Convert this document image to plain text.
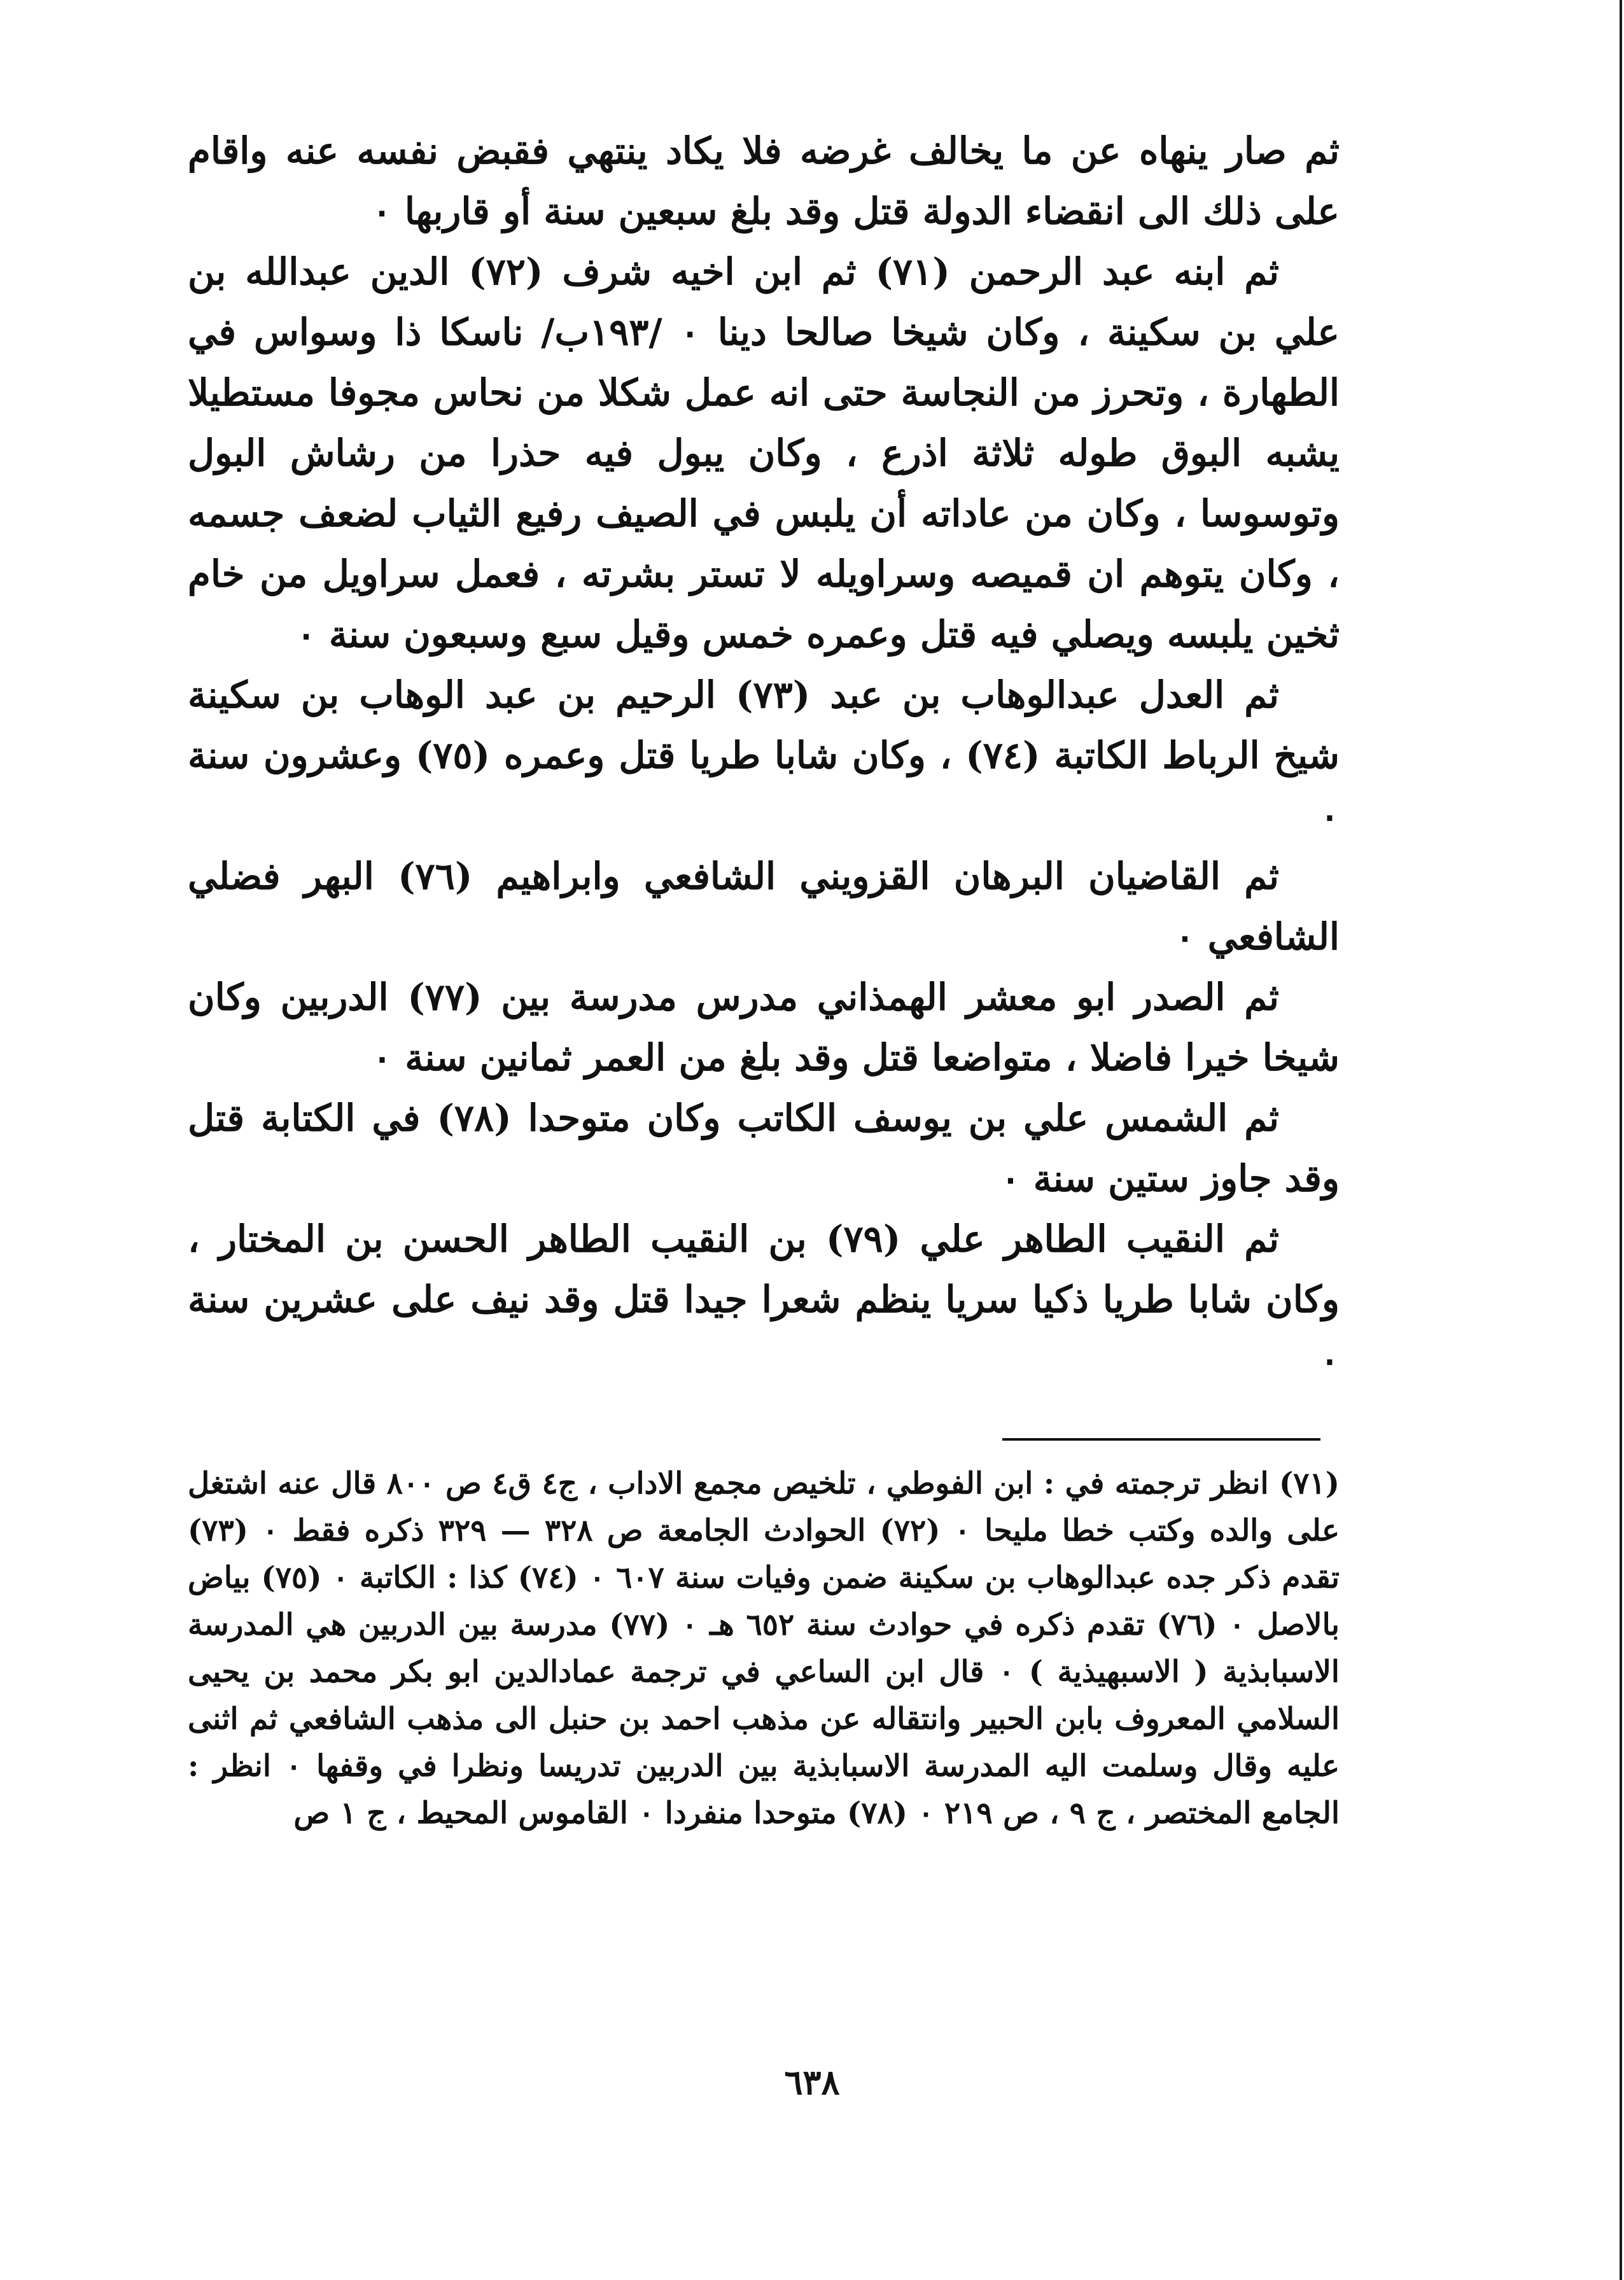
ثم صار ينهاه عن ما يخالف غرضه فلا يكاد ينتهي فقبض نفسه عنه واقام على ذلك الى انقضاء الدولة قتل وقد بلغ سبعين سنة أو قاربها ٠

ثم ابنه عبد الرحمن (٧١) ثم ابن اخيه شرف (٧٢) الدين عبدالله بن علي بن سكينة ، وكان شيخا صالحا دينا ٠ /١٩٣ب/ ناسكا ذا وسواس في الطهارة ، وتحرز من النجاسة حتى انه عمل شكلا من نحاس مجوفا مستطيلا يشبه البوق طوله ثلاثة اذرع ، وكان يبول فيه حذرا من رشاش البول وتوسوسا ، وكان من عاداته أن يلبس في الصيف رفيع الثياب لضعف جسمه ، وكان يتوهم ان قميصه وسراويله لا تستر بشرته ، فعمل سراويل من خام ثخين يلبسه ويصلي فيه قتل وعمره خمس وقيل سبع وسبعون سنة ٠

ثم العدل عبدالوهاب بن عبد (٧٣) الرحيم بن عبد الوهاب بن سكينة شيخ الرباط الكاتبة (٧٤) ، وكان شابا طريا قتل وعمره (٧٥) وعشرون سنة ٠

ثم القاضيان البرهان القزويني الشافعي وابراهيم (٧٦) البهر فضلي الشافعي ٠

ثم الصدر ابو معشر الهمذاني مدرس مدرسة بين (٧٧) الدربين وكان شيخا خيرا فاضلا ، متواضعا قتل وقد بلغ من العمر ثمانين سنة ٠

ثم الشمس علي بن يوسف الكاتب وكان متوحدا (٧٨) في الكتابة قتل وقد جاوز ستين سنة ٠

ثم النقيب الطاهر علي (٧٩) بن النقيب الطاهر الحسن بن المختار ، وكان شابا طريا ذكيا سريا ينظم شعرا جيدا قتل وقد نيف على عشرين سنة ٠

(٧١) انظر ترجمته في : ابن الفوطي ، تلخيص مجمع الاداب ، ج٤ ق٤ ص ٨٠٠ قال عنه اشتغل على والده وكتب خطا مليحا ٠ (٧٢) الحوادث الجامعة ص ٣٢٨ — ٣٢٩ ذكره فقط ٠ (٧٣) تقدم ذكر جده عبدالوهاب بن سكينة ضمن وفيات سنة ٦٠٧ ٠ (٧٤) كذا : الكاتبة ٠ (٧٥) بياض بالاصل ٠ (٧٦) تقدم ذكره في حوادث سنة ٦٥٢ هـ ٠ (٧٧) مدرسة بين الدربين هي المدرسة الاسبابذية ( الاسبهيذية ) ٠ قال ابن الساعي في ترجمة عمادالدين ابو بكر محمد بن يحيى السلامي المعروف بابن الحبير وانتقاله عن مذهب احمد بن حنبل الى مذهب الشافعي ثم اثنى عليه وقال وسلمت اليه المدرسة الاسبابذية بين الدربين تدريسا ونظرا في وقفها ٠ انظر : الجامع المختصر ، ج ٩ ، ص ٢١٩ ٠ (٧٨) متوحدا منفردا ٠ القاموس المحيط ، ج ١ ص

٦٣٨
